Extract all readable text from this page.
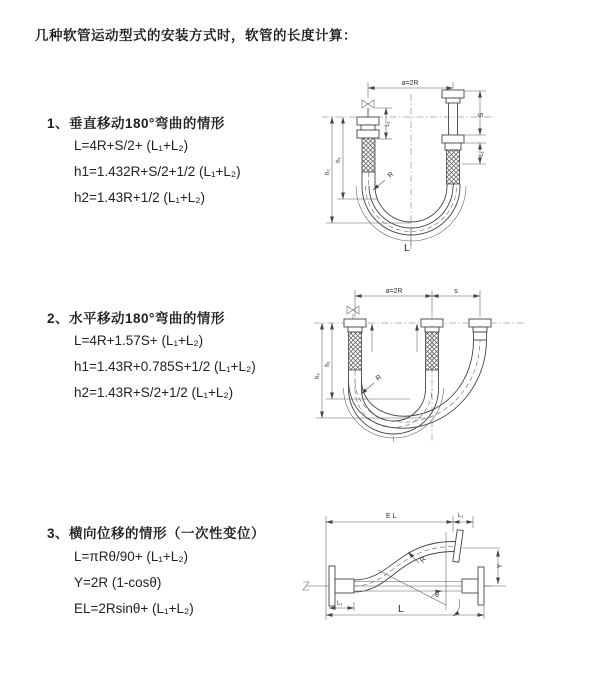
几种软管运动型式的安装方式时，软管的长度计算：
1、垂直移动180°弯曲的情形
L=4R+S/2+ (L₁+L₂)
h1=1.432R+S/2+1/2 (L₁+L₂)
h2=1.43R+1/2 (L₁+L₂)
2、水平移动180°弯曲的情形
L=4R+1.57S+ (L₁+L₂)
h1=1.43R+0.785S+1/2 (L₁+L₂)
h2=1.43R+S/2+1/2 (L₁+L₂)
3、横向位移的情形（一次性变位）
L=πRθ/90+ (L₁+L₂)
Y=2R (1-cosθ)
EL=2Rsinθ+ (L₁+L₂)
a=2R
S
L₁
L₁
h₁
h₂	R
L
a=2R	s
h₁
h₂	R
EL	L₁
θ
R
Y
L₁	L
